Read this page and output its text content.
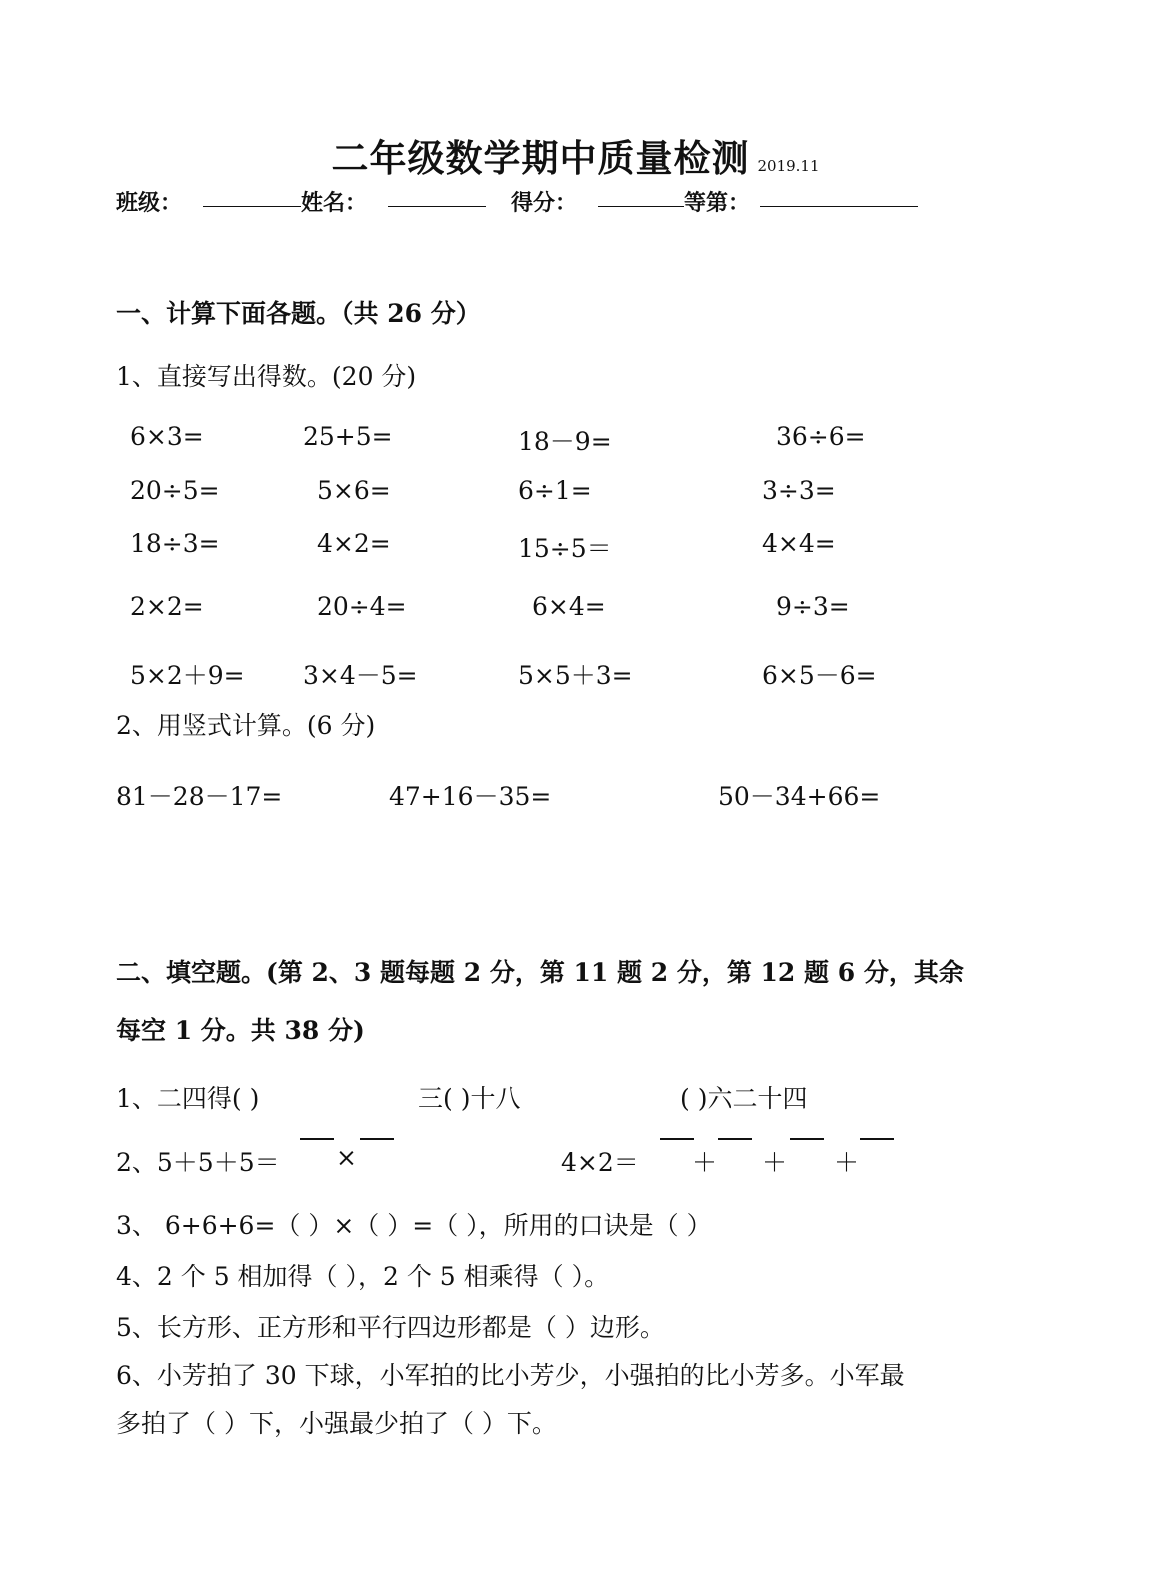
二年级数学期中质量检测 2019.11
班级：	姓名：	得分：	等第：
一、计算下面各题。（共 26 分）
1、直接写出得数。(20 分)
6×3=	25+5=	18－9=	36÷6=
20÷5=	5×6=	6÷1=	3÷3=
18÷3=	4×2=	15÷5＝	4×4=
2×2=	20÷4=	6×4=	9÷3=
5×2＋9= 3×4－5=	5×5＋3=	6×5－6=
2、用竖式计算。(6 分)
81－28－17=	47+16－35=	50－34+66=
二、填空题。(第 2、3 题每题 2 分，第 11 题 2 分，第 12 题 6 分，其余
每空 1 分。共 38 分)
1、二四得( )	三( )十八	( )六二十四
2、5＋5＋5＝ ×	4×2＝ ＋ ＋ ＋
3、 6+6+6=（ ）×（ ）=（ ），所用的口诀是（ ）
4、2 个 5 相加得（ ），2 个 5 相乘得（ ）。
5、长方形、正方形和平行四边形都是（ ）边形。
6、小芳拍了 30 下球，小军拍的比小芳少，小强拍的比小芳多。小军最
多拍了（ ）下，小强最少拍了（ ）下。
